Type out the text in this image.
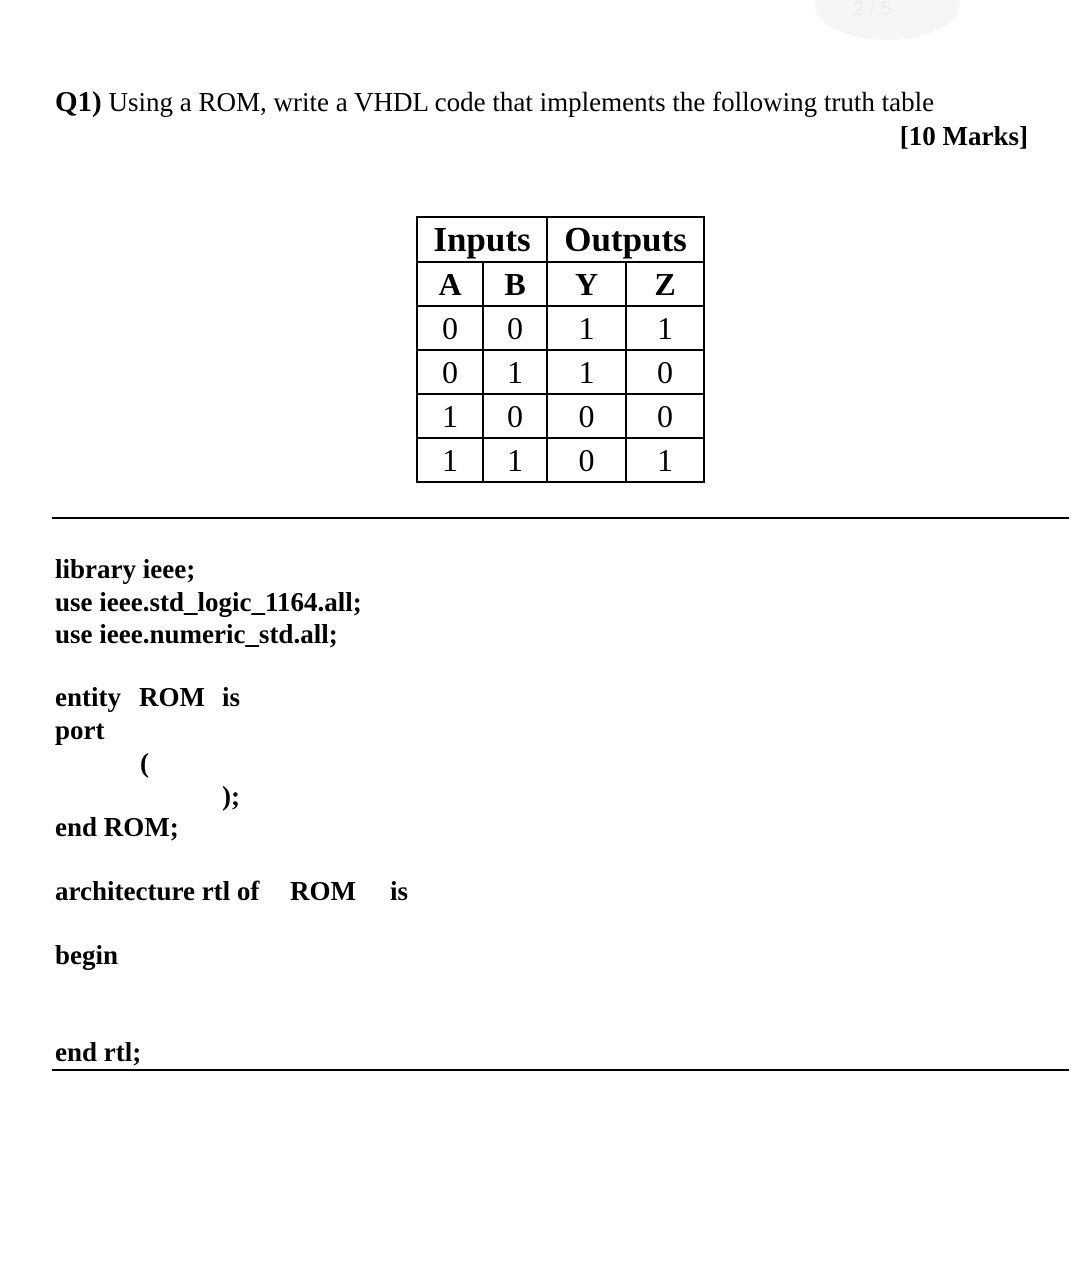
2 / 5
Q1) Using a ROM, write a VHDL code that implements the following truth table
[10 Marks]
Inputs		Outputs	
A	B	Y	Z
0	0	1	1
0	1	1	0
1	0	0	0
1	1	0	1
library ieee;
use ieee.std_logic_1164.all;
use ieee.numeric_std.all;
entity ROM is
port
(
);
end ROM;
architecture rtl of ROM is
begin
end rtl;
